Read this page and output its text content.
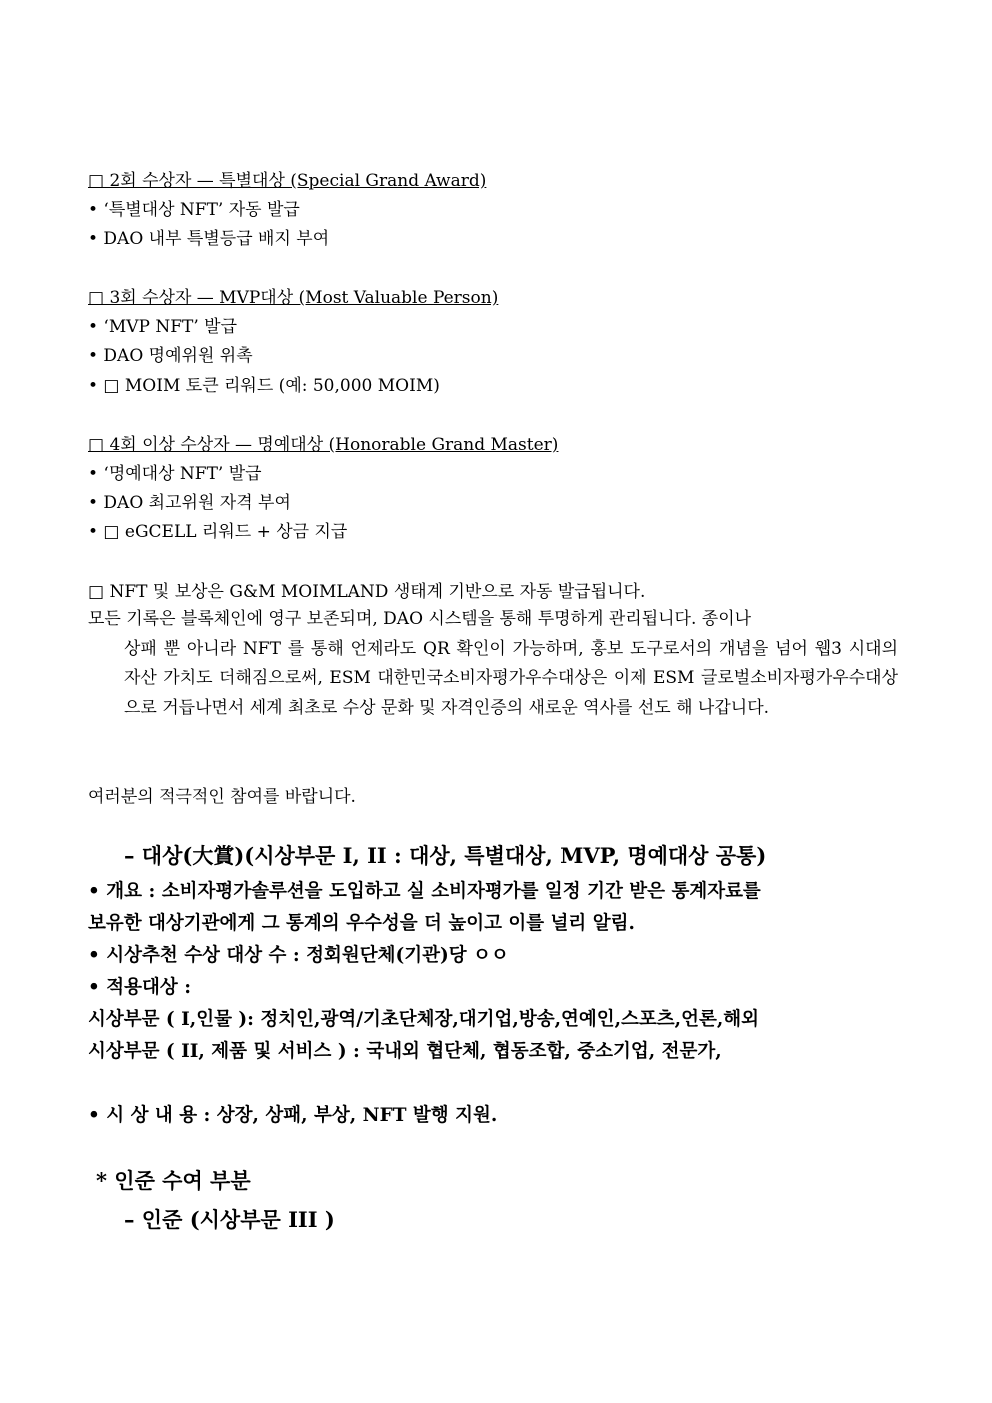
□ 2회 수상자 — 특별대상 (Special Grand Award)
• ‘특별대상 NFT’ 자동 발급
• DAO 내부 특별등급 배지 부여
□ 3회 수상자 — MVP대상 (Most Valuable Person)
• ‘MVP NFT’ 발급
• DAO 명예위원 위촉
• □ MOIM 토큰 리워드 (예: 50,000 MOIM)
□ 4회 이상 수상자 — 명예대상 (Honorable Grand Master)
• ‘명예대상 NFT’ 발급
• DAO 최고위원 자격 부여
• □ eGCELL 리워드 + 상금 지급
□ NFT 및 보상은 G&M MOIMLAND 생태계 기반으로 자동 발급됩니다.
모든 기록은 블록체인에 영구 보존되며, DAO 시스템을 통해 투명하게 관리됩니다. 종이나
상패 뿐 아니라 NFT 를 통해 언제라도 QR 확인이 가능하며, 홍보 도구로서의 개념을 넘어 웹3 시대의 자산 가치도 더해짐으로써, ESM 대한민국소비자평가우수대상은 이제 ESM 글로벌소비자평가우수대상 으로 거듭나면서 세계 최초로 수상 문화 및 자격인증의 새로운 역사를 선도 해 나갑니다.
여러분의 적극적인 참여를 바랍니다.
– 대상(大賞)(시상부문 I, II : 대상, 특별대상, MVP, 명예대상 공통)
• 개요 : 소비자평가솔루션을 도입하고 실 소비자평가를 일정 기간 받은 통계자료를
보유한 대상기관에게 그 통계의 우수성을 더 높이고 이를 널리 알림.
• 시상추천 수상 대상 수 : 정회원단체(기관)당 ㅇㅇ
• 적용대상 :
시상부문 ( I,인물 ): 정치인,광역/기초단체장,대기업,방송,연예인,스포츠,언론,해외
시상부문 ( II, 제품 및 서비스 ) : 국내외 협단체, 협동조합, 중소기업, 전문가,
• 시 상 내 용 : 상장, 상패, 부상, NFT 발행 지원.
* 인준 수여 부분
– 인준 (시상부문 III )
